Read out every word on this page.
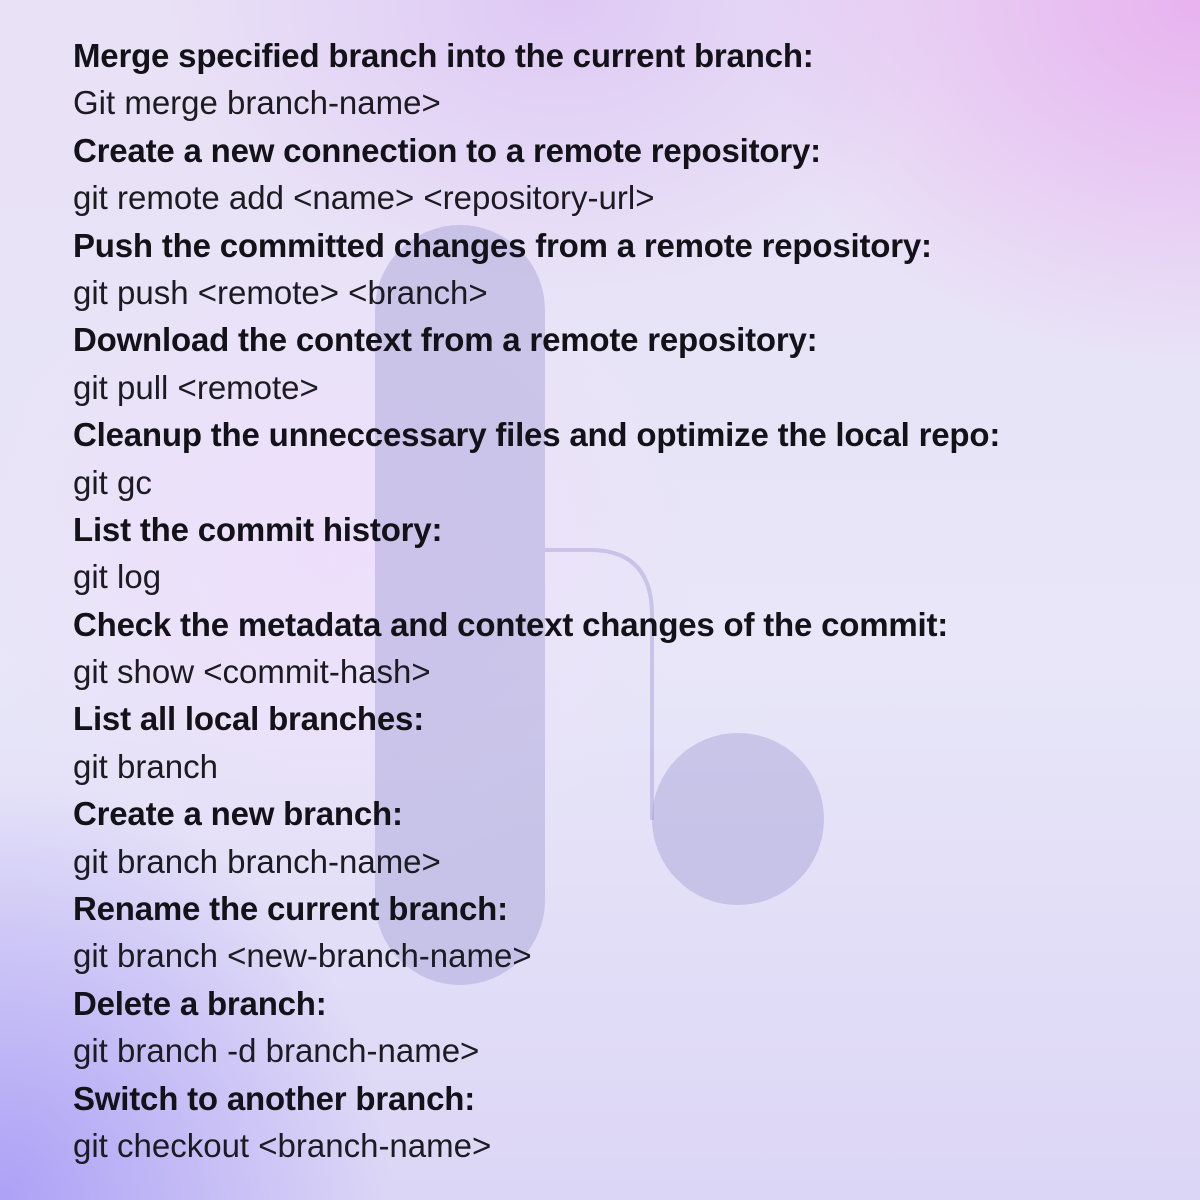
Merge specified branch into the current branch:
Git merge branch-name>
Create a new connection to a remote repository:
git remote add <name> <repository-url>
Push the committed changes from a remote repository:
git push <remote> <branch>
Download the context from a remote repository:
git pull <remote>
Cleanup the unneccessary files and optimize the local repo:
git gc
List the commit history:
git log
Check the metadata and context changes of the commit:
git show <commit-hash>
List all local branches:
git branch
Create a new branch:
git branch branch-name>
Rename the current branch:
git branch <new-branch-name>
Delete a branch:
git branch -d branch-name>
Switch to another branch:
git checkout <branch-name>
